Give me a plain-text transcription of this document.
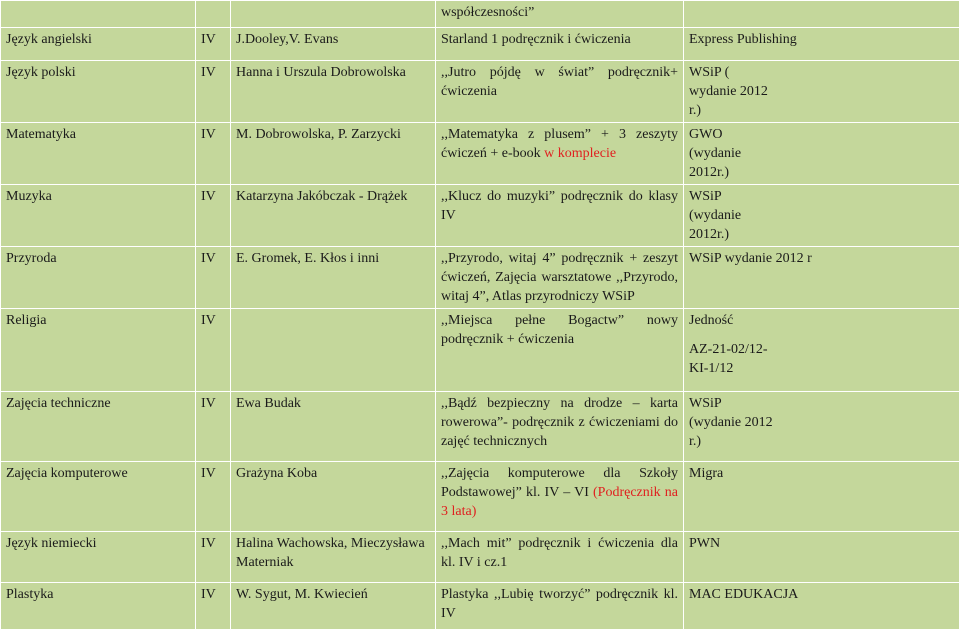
			współczesności”	
Język angielski	IV	J.Dooley,V. Evans	Starland 1 podręcznik i ćwiczenia	Express Publishing
Język polski	IV	Hanna i Urszula Dobrowolska	,,Jutro pójdę w świat” podręcznik+ ćwiczenia	WSiP ( wydanie 2012 r.)
Matematyka	IV	M. Dobrowolska, P. Zarzycki	,,Matematyka z plusem” + 3 zeszyty ćwiczeń + e-book w komplecie	GWO (wydanie 2012r.)
Muzyka	IV	Katarzyna Jakóbczak - Drążek	,,Klucz do muzyki” podręcznik do klasy IV	WSiP (wydanie 2012r.)
Przyroda	IV	E. Gromek, E. Kłos i inni	,,Przyrodo, witaj 4” podręcznik + zeszyt ćwiczeń, Zajęcia warsztatowe ,,Przyrodo, witaj 4”, Atlas przyrodniczy WSiP	WSiP wydanie 2012 r
Religia	IV		,,Miejsca pełne Bogactw” nowy podręcznik + ćwiczenia	Jedność
AZ-21-02/12-KI-1/12

Zajęcia techniczne	IV	Ewa Budak	,,Bądź bezpieczny na drodze – karta rowerowa”- podręcznik z ćwiczeniami do zajęć technicznych	WSiP (wydanie 2012 r.)
Zajęcia komputerowe	IV	Grażyna Koba	,,Zajęcia komputerowe dla Szkoły Podstawowej” kl. IV – VI (Podręcznik na 3 lata)	Migra
Język niemiecki	IV	Halina Wachowska, Mieczysława Materniak	,,Mach mit” podręcznik i ćwiczenia dla kl. IV i cz.1	PWN
Plastyka	IV	W. Sygut, M. Kwiecień	Plastyka ,,Lubię tworzyć” podręcznik kl. IV	MAC EDUKACJA
